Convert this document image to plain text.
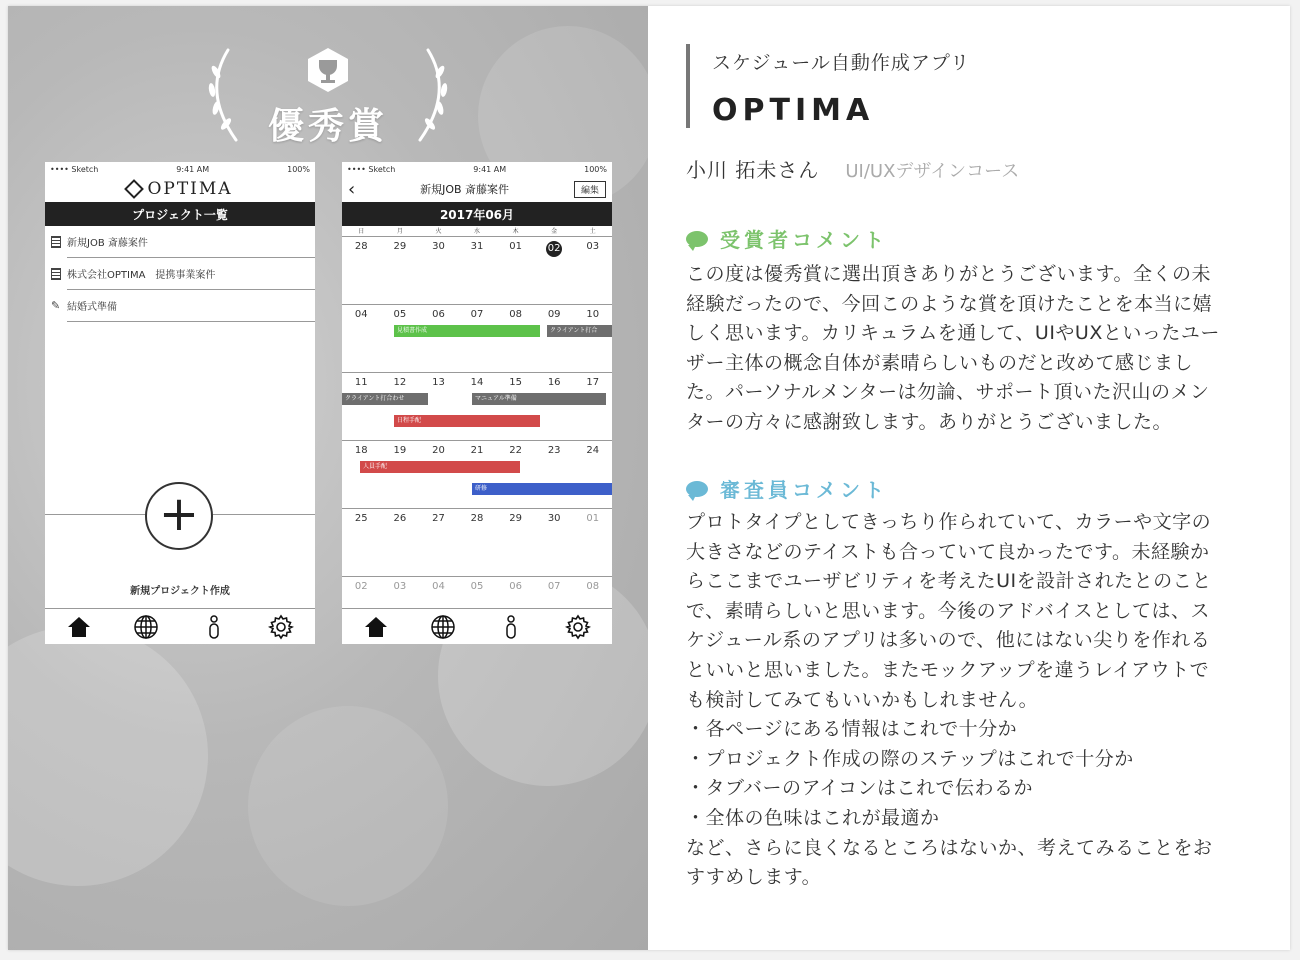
優秀賞
•••• Sketch	9:41 AM	100%
OPTIMA
プロジェクト一覧
新規JOB 斎藤案件
株式会社OPTIMA　提携事業案件
✎ 結婚式準備
+
新規プロジェクト作成
•••• Sketch	9:41 AM	100%
‹	新規JOB 斎藤案件	編集
2017年06月
日	月	火	水	木	金	土
28	29	30	31	01	02	03
04	05	06	07	08	09	10
見積書作成	クライアント打合
11	12	13	14	15	16	17
クライアント打合わせ	マニュアル準備
日程手配
18	19	20	21	22	23	24
人員手配
研修
25	26	27	28	29	30	01
02	03	04	05	06	07	08
スケジュール自動作成アプリ
OPTIMA
小川 拓未さん UI/UXデザインコース
受賞者コメント
この度は優秀賞に選出頂きありがとうございます。全くの未
経験だったので、今回このような賞を頂けたことを本当に嬉
しく思います。カリキュラムを通して、UIやUXといったユー
ザー主体の概念自体が素晴らしいものだと改めて感じまし
た。パーソナルメンターは勿論、サポート頂いた沢山のメン
ターの方々に感謝致します。ありがとうございました。
審査員コメント
プロトタイプとしてきっちり作られていて、カラーや文字の
大きさなどのテイストも合っていて良かったです。未経験か
らここまでユーザビリティを考えたUIを設計されたとのこと
で、素晴らしいと思います。今後のアドバイスとしては、ス
ケジュール系のアプリは多いので、他にはない尖りを作れる
といいと思いました。またモックアップを違うレイアウトで
も検討してみてもいいかもしれません。
・各ページにある情報はこれで十分か
・プロジェクト作成の際のステップはこれで十分か
・タブバーのアイコンはこれで伝わるか
・全体の色味はこれが最適か
など、さらに良くなるところはないか、考えてみることをお
すすめします。
